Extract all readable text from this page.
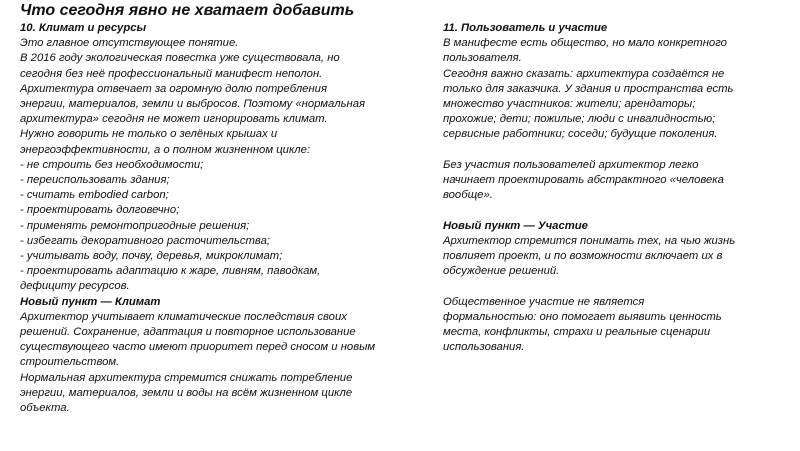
Что сегодня явно не хватает добавить
10. Климат и ресурсы
Это главное отсутствующее понятие.
В 2016 году экологическая повестка уже существовала, но
сегодня без неё профессиональный манифест неполон.
Архитектура отвечает за огромную долю потребления
энергии, материалов, земли и выбросов. Поэтому «нормальная
архитектура» сегодня не может игнорировать климат.
Нужно говорить не только о зелёных крышах и
энергоэффективности, а о полном жизненном цикле:
- не строить без необходимости;
- переиспользовать здания;
- считать embodied carbon;
- проектировать долговечно;
- применять ремонтопригодные решения;
- избегать декоративного расточительства;
- учитывать воду, почву, деревья, микроклимат;
- проектировать адаптацию к жаре, ливням, паводкам,
дефициту ресурсов.
Новый пункт — Климат
Архитектор учитывает климатические последствия своих
решений. Сохранение, адаптация и повторное использование
существующего часто имеют приоритет перед сносом и новым
строительством.
Нормальная архитектура стремится снижать потребление
энергии, материалов, земли и воды на всём жизненном цикле
объекта.
11. Пользователь и участие
В манифесте есть общество, но мало конкретного
пользователя.
Сегодня важно сказать: архитектура создаётся не
только для заказчика. У здания и пространства есть
множество участников: жители; арендаторы;
прохожие; дети; пожилые; люди с инвалидностью;
сервисные работники; соседи; будущие поколения.
Без участия пользователей архитектор легко
начинает проектировать абстрактного «человека
вообще».
Новый пункт — Участие
Архитектор стремится понимать тех, на чью жизнь
повлияет проект, и по возможности включает их в
обсуждение решений.
Общественное участие не является
формальностью: оно помогает выявить ценность
места, конфликты, страхи и реальные сценарии
использования.
